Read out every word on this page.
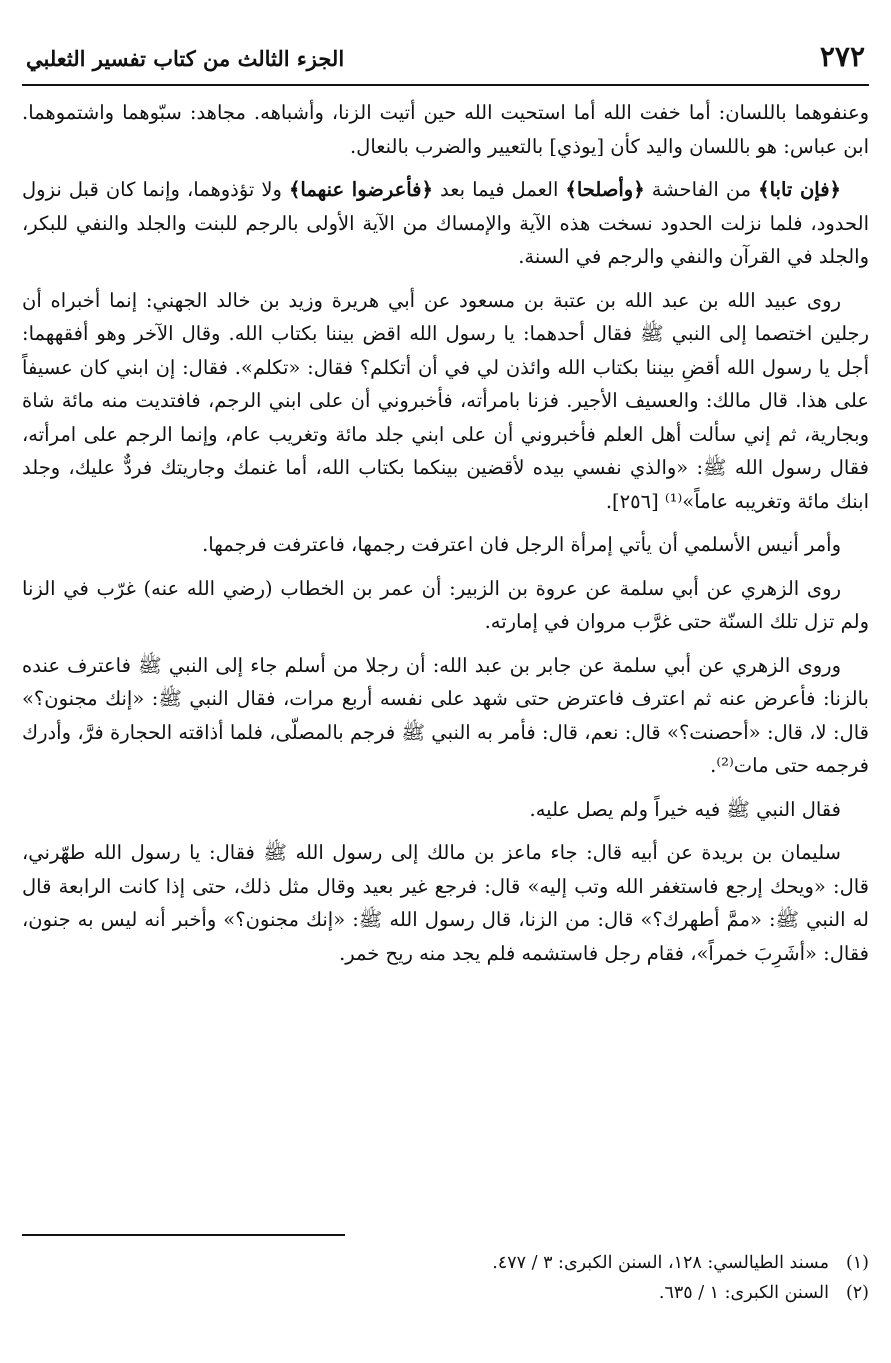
٢٧٢
الجزء الثالث من كتاب تفسير الثعلبي

وعنفوهما باللسان: أما خفت الله أما استحيت الله حين أتيت الزنا، وأشباهه. مجاهد: سبّوهما واشتموهما. ابن عباس: هو باللسان واليد كأن [يوذي] بالتعيير والضرب بالنعال.

﴿فإن تابا﴾ من الفاحشة ﴿وأصلحا﴾ العمل فيما بعد ﴿فأعرضوا عنهما﴾ ولا تؤذوهما، وإنما كان قبل نزول الحدود، فلما نزلت الحدود نسخت هذه الآية والإمساك من الآية الأولى بالرجم للبنت والجلد والنفي للبكر، والجلد في القرآن والنفي والرجم في السنة.

روى عبيد الله بن عبد الله بن عتبة بن مسعود عن أبي هريرة وزيد بن خالد الجهني: إنما أخبراه أن رجلين اختصما إلى النبي ﷺ فقال أحدهما: يا رسول الله اقض بيننا بكتاب الله. وقال الآخر وهو أفقههما: أجل يا رسول الله أقضِ بيننا بكتاب الله وائذن لي في أن أتكلم؟ فقال: «تكلم». فقال: إن ابني كان عسيفاً على هذا. قال مالك: والعسيف الأجير. فزنا بامرأته، فأخبروني أن على ابني الرجم، فافتديت منه مائة شاة وبجارية، ثم إني سألت أهل العلم فأخبروني أن على ابني جلد مائة وتغريب عام، وإنما الرجم على امرأته، فقال رسول الله ﷺ: «والذي نفسي بيده لأقضين بينكما بكتاب الله، أما غنمك وجاريتك فردٌّ عليك، وجلد ابنك مائة وتغريبه عاماً»⁽¹⁾ [٢٥٦].

وأمر أنيس الأسلمي أن يأتي إمرأة الرجل فان اعترفت رجمها، فاعترفت فرجمها.

روى الزهري عن أبي سلمة عن عروة بن الزبير: أن عمر بن الخطاب (رضي الله عنه) غرّب في الزنا ولم تزل تلك السنّة حتى غرَّب مروان في إمارته.

وروى الزهري عن أبي سلمة عن جابر بن عبد الله: أن رجلا من أسلم جاء إلى النبي ﷺ فاعترف عنده بالزنا: فأعرض عنه ثم اعترف فاعترض حتى شهد على نفسه أربع مرات، فقال النبي ﷺ: «إنك مجنون؟» قال: لا، قال: «أحصنت؟» قال: نعم، قال: فأمر به النبي ﷺ فرجم بالمصلّى، فلما أذاقته الحجارة فرَّ، وأدرك فرجمه حتى مات⁽²⁾.

فقال النبي ﷺ فيه خيراً ولم يصل عليه.

سليمان بن بريدة عن أبيه قال: جاء ماعز بن مالك إلى رسول الله ﷺ فقال: يا رسول الله طهّرني، قال: «ويحك إرجع فاستغفر الله وتب إليه» قال: فرجع غير بعيد وقال مثل ذلك، حتى إذا كانت الرابعة قال له النبي ﷺ: «ممَّ أطهرك؟» قال: من الزنا، قال رسول الله ﷺ: «إنك مجنون؟» وأخبر أنه ليس به جنون، فقال: «أشَرِبَ خمراً»، فقام رجل فاستشمه فلم يجد منه ريح خمر.

(١)
مسند الطيالسي: ١٢٨، السنن الكبرى: ٣ / ٤٧٧.

(٢)
السنن الكبرى: ١ / ٦٣٥.
